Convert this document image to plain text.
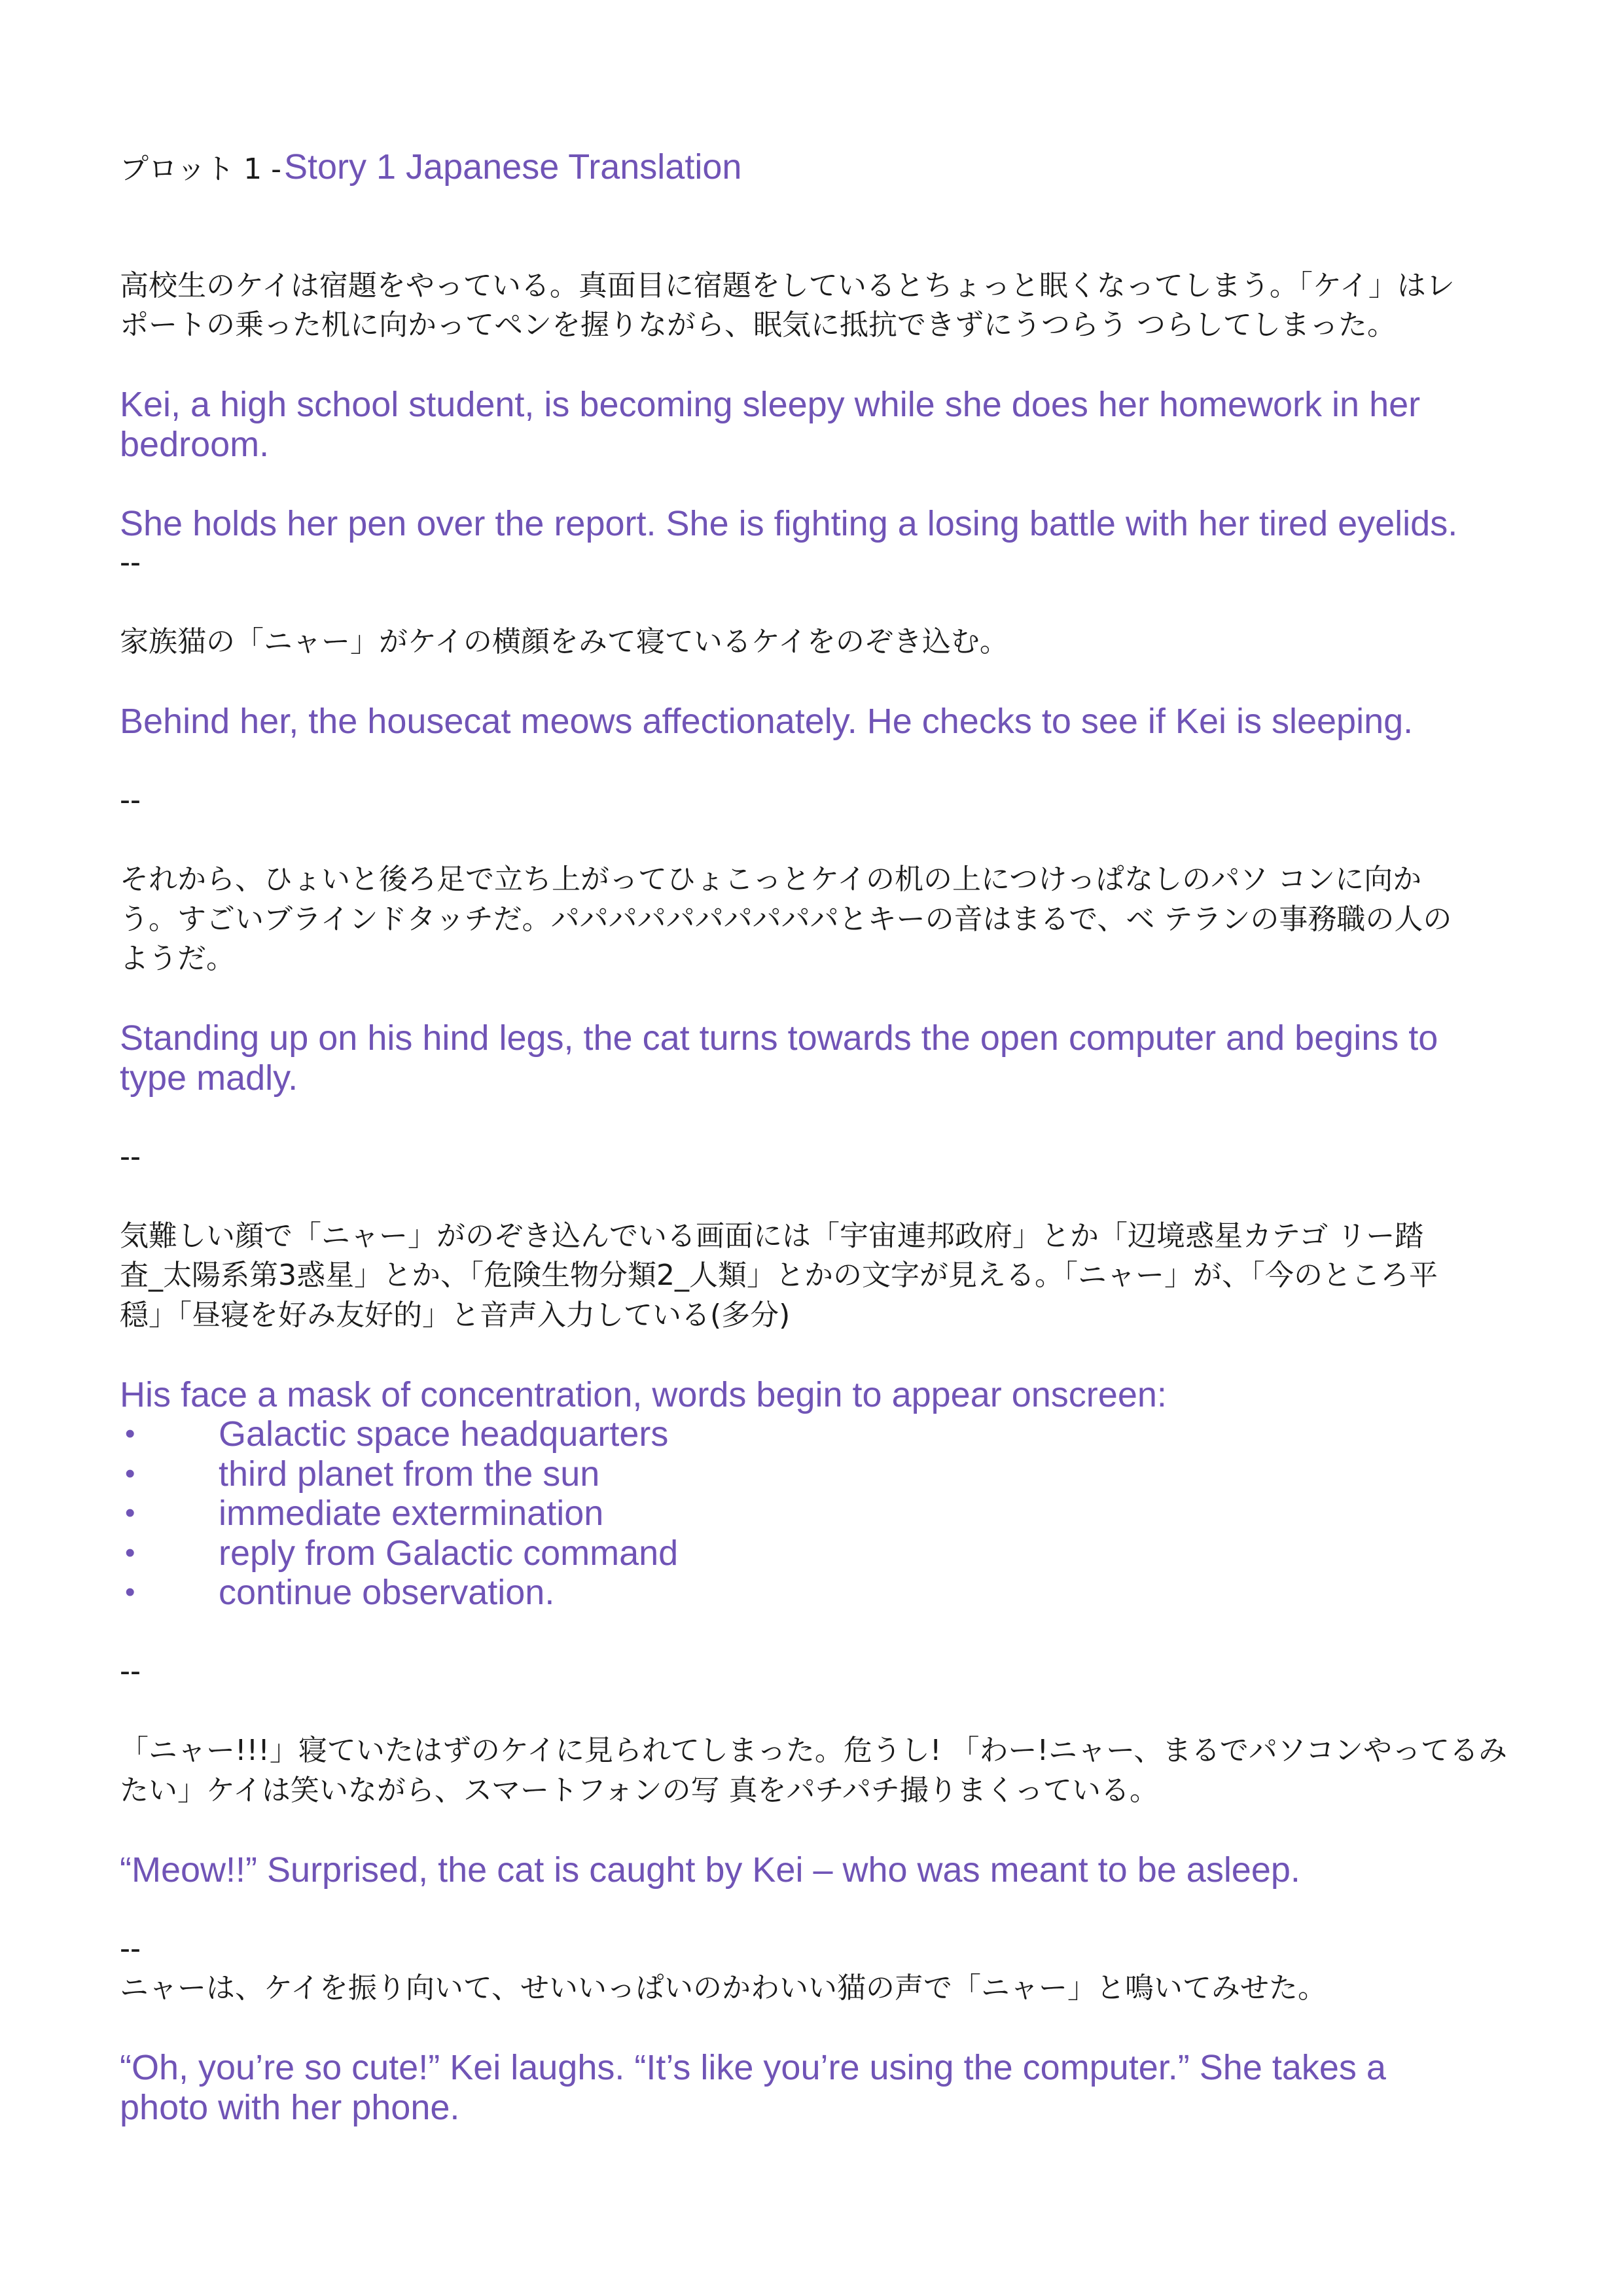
プロット 1 - Story 1 Japanese Translation
高校生のケイは宿題をやっている。真面目に宿題をしているとちょっと眠くなってしまう。「ケイ」はレ
ポートの乗った机に向かってペンを握りながら、眠気に抵抗できずにうつらう つらしてしまった。
Kei, a high school student, is becoming sleepy while she does her homework in her
bedroom.
She holds her pen over the report. She is fighting a losing battle with her tired eyelids.
--
家族猫の「ニャー」がケイの横顔をみて寝ているケイをのぞき込む。
Behind her, the housecat meows affectionately. He checks to see if Kei is sleeping.
--
それから、ひょいと後ろ足で立ち上がってひょこっとケイの机の上につけっぱなしのパソ コンに向か
う。すごいブラインドタッチだ。パパパパパパパパパパとキーの音はまるで、ベ テランの事務職の人の
ようだ。
Standing up on his hind legs, the cat turns towards the open computer and begins to
type madly.
--
気難しい顔で「ニャー」がのぞき込んでいる画面には「宇宙連邦政府」とか「辺境惑星カテゴ リー踏
査_太陽系第3惑星」とか、「危険生物分類2_人類」とかの文字が見える。「ニャー」が、「今のところ平
穏」「昼寝を好み友好的」と音声入力している(多分)
His face a mask of concentration, words begin to appear onscreen:
• Galactic space headquarters
• third planet from the sun
• immediate extermination
• reply from Galactic command
• continue observation.
--
「ニャー!!!」寝ていたはずのケイに見られてしまった。危うし! 「わー!ニャー、まるでパソコンやってるみ
たい」ケイは笑いながら、スマートフォンの写 真をパチパチ撮りまくっている。
“Meow!!” Surprised, the cat is caught by Kei – who was meant to be asleep.
--
ニャーは、ケイを振り向いて、せいいっぱいのかわいい猫の声で「ニャー」と鳴いてみせた。
“Oh, you’re so cute!” Kei laughs. “It’s like you’re using the computer.” She takes a
photo with her phone.
